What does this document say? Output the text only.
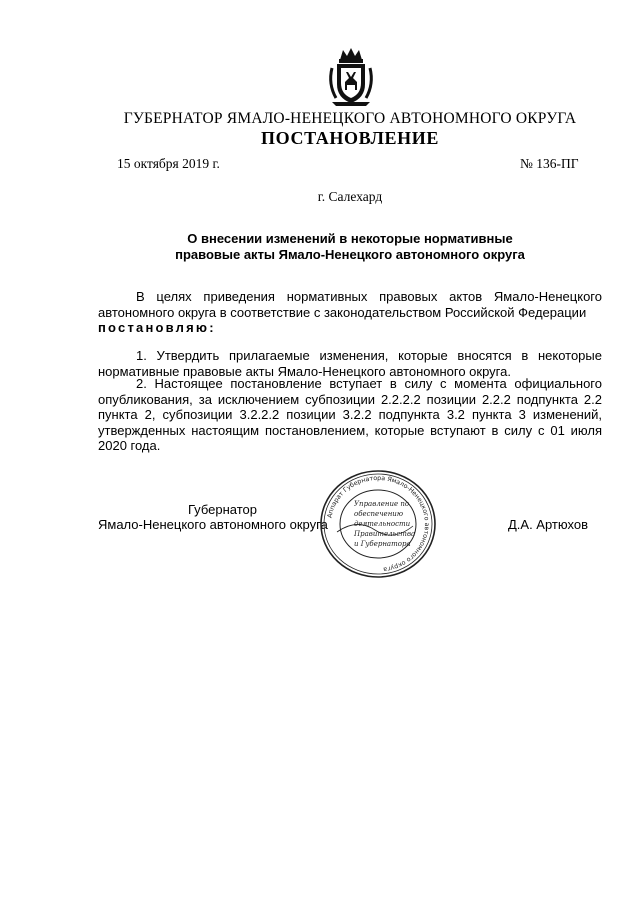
ГУБЕРНАТОР ЯМАЛО-НЕНЕЦКОГО АВТОНОМНОГО ОКРУГА
ПОСТАНОВЛЕНИЕ
15 октября 2019 г.	№ 136-ПГ
г. Салехард
О внесении изменений в некоторые нормативные
правовые акты Ямало-Ненецкого автономного округа
В целях приведения нормативных правовых актов Ямало-Ненецкого автономного округа в соответствие с законодательством Российской Федерации
постановляю:
1. Утвердить прилагаемые изменения, которые вносятся в некоторые нормативные правовые акты Ямало-Ненецкого автономного округа.
2. Настоящее постановление вступает в силу с момента официального опубликования, за исключением субпозиции 2.2.2.2 позиции 2.2.2 подпункта 2.2 пункта 2, субпозиции 3.2.2.2 позиции 3.2.2 подпункта 3.2 пункта 3 изменений, утвержденных настоящим постановлением, которые вступают в силу с 01 июля 2020 года.
Губернатор
Ямало-Ненецкого автономного округа	Д.А. Артюхов
Аппарат Губернатора Ямало-Ненецкого автономного округа
Управление по
обеспечению
деятельности
Правительства
и Губернатора
